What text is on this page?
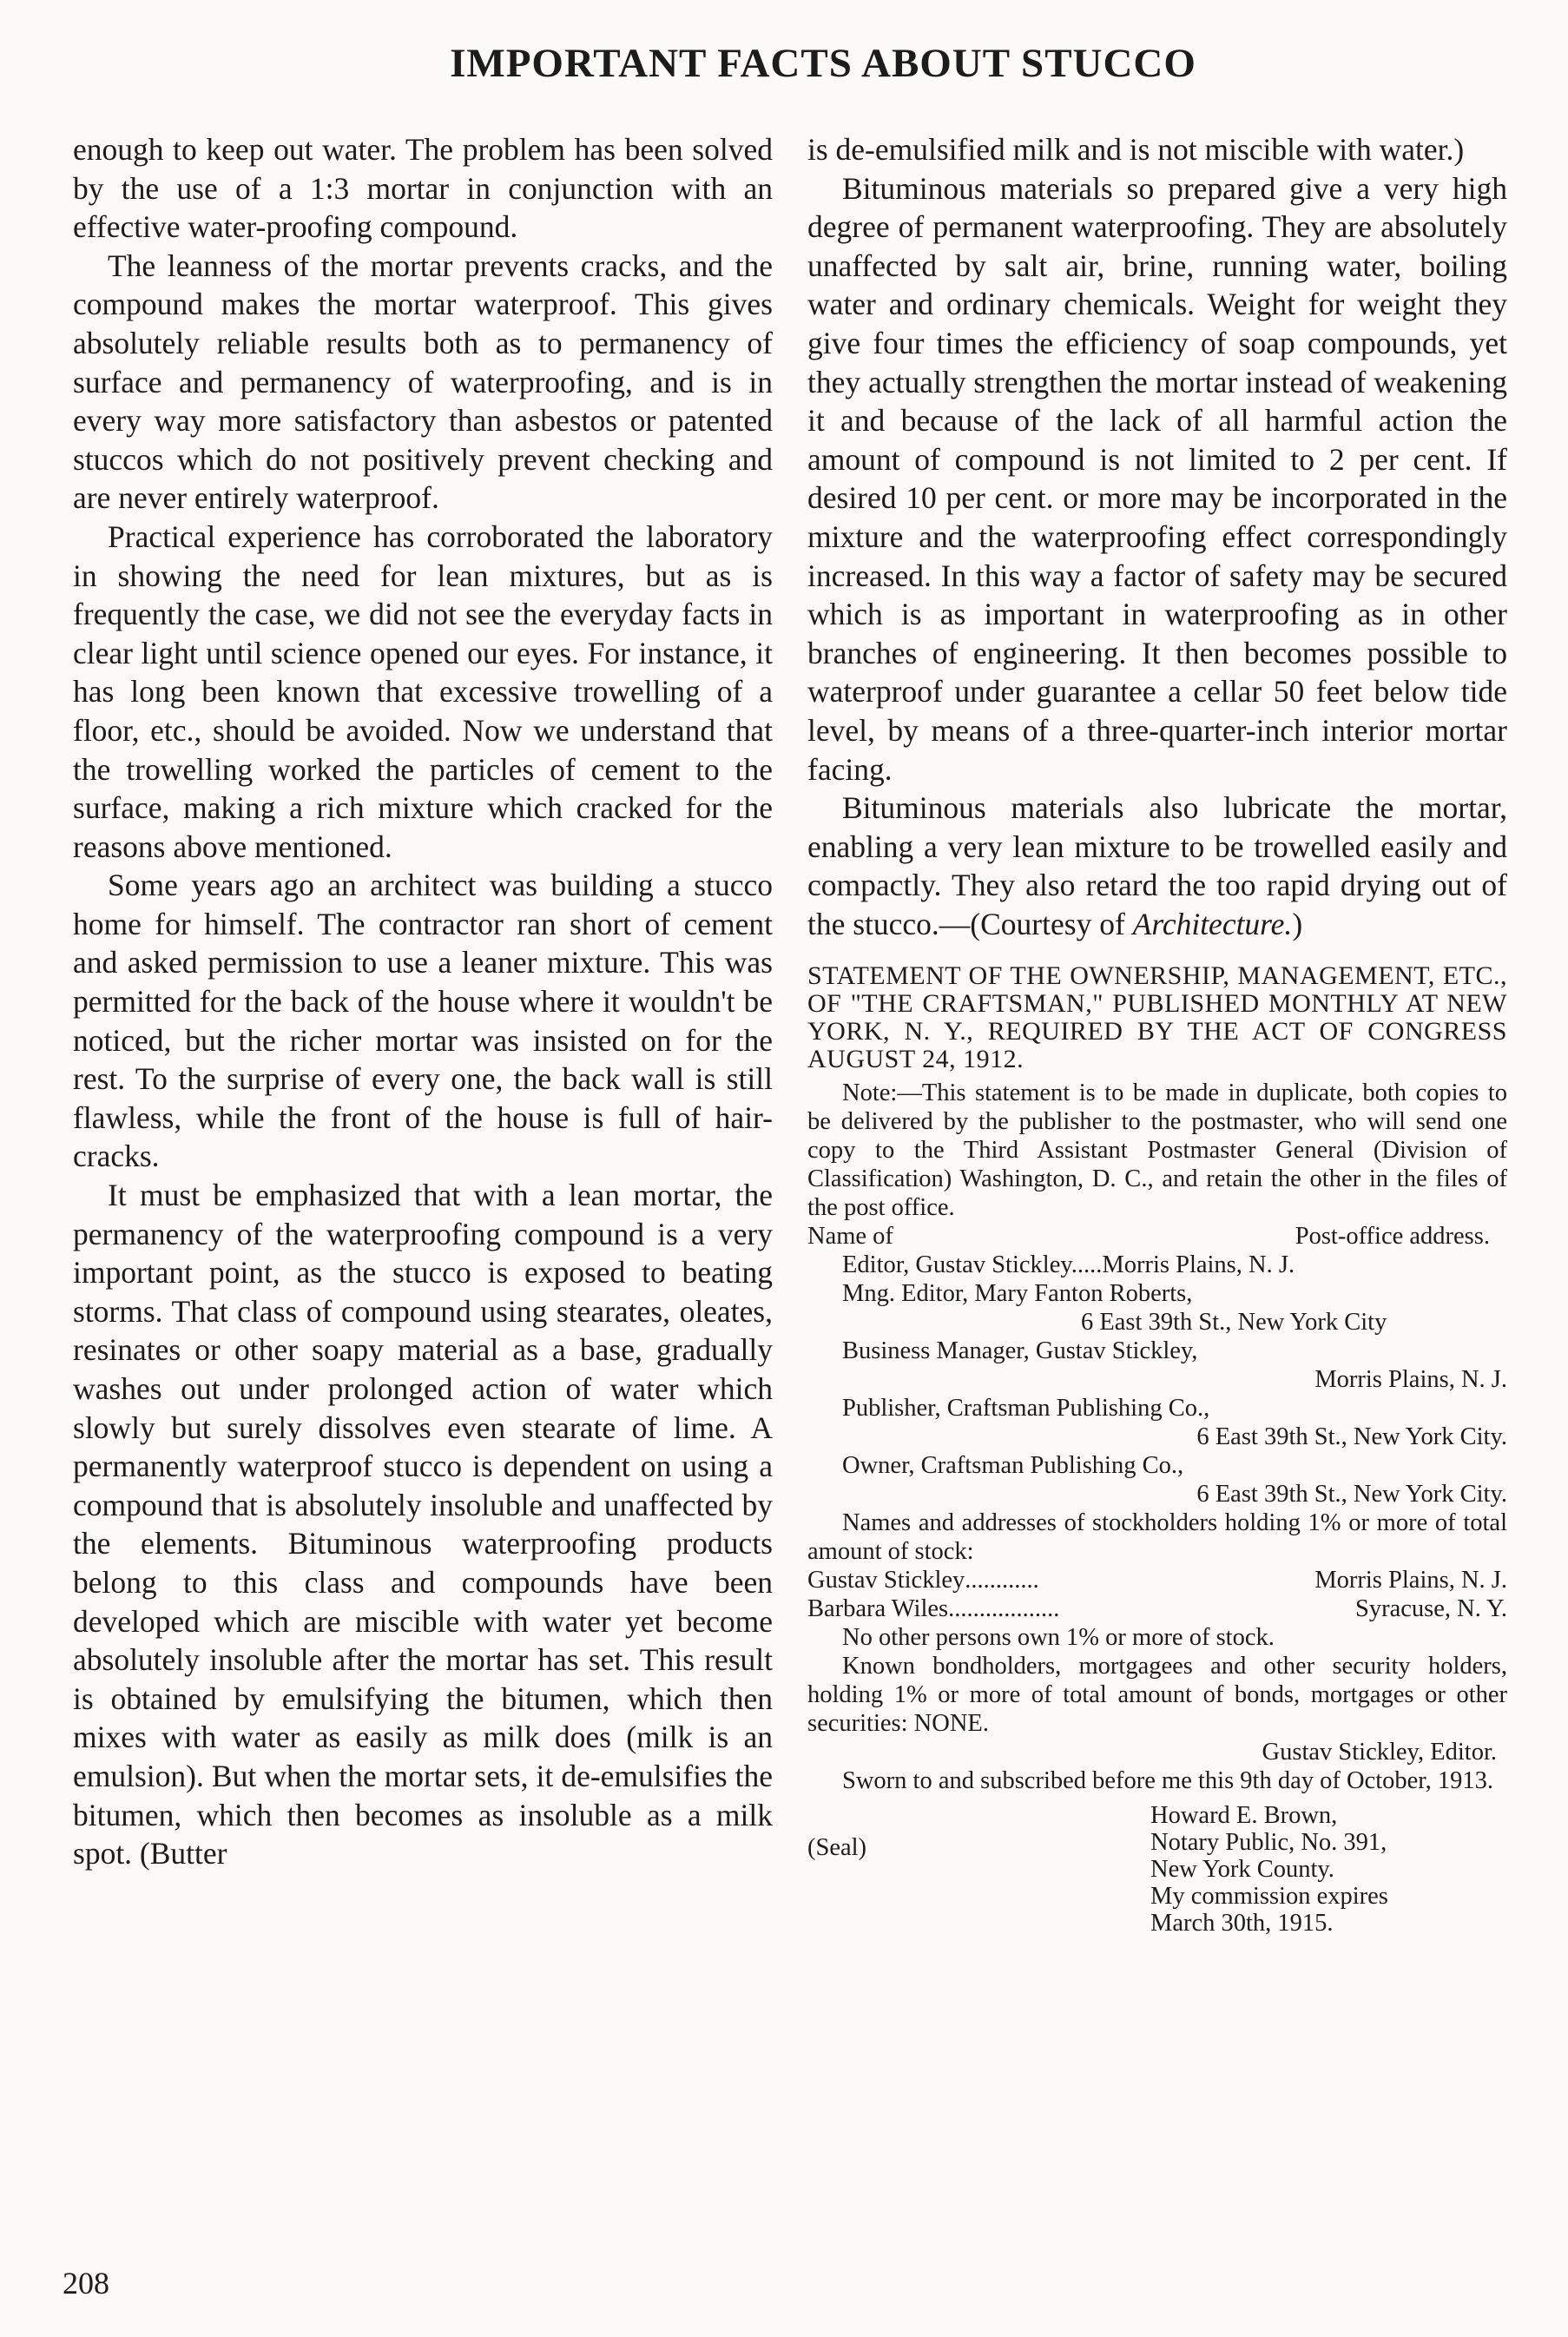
IMPORTANT FACTS ABOUT STUCCO

enough to keep out water. The problem has been solved by the use of a 1:3 mortar in conjunction with an effective water-proofing compound.

The leanness of the mortar prevents cracks, and the compound makes the mortar waterproof. This gives absolutely reliable results both as to permanency of surface and permanency of waterproofing, and is in every way more satisfactory than asbestos or patented stuccos which do not positively prevent checking and are never entirely waterproof.

Practical experience has corroborated the laboratory in showing the need for lean mixtures, but as is frequently the case, we did not see the everyday facts in clear light until science opened our eyes. For instance, it has long been known that excessive trowelling of a floor, etc., should be avoided. Now we understand that the trowelling worked the particles of cement to the surface, making a rich mixture which cracked for the reasons above mentioned.

Some years ago an architect was building a stucco home for himself. The contractor ran short of cement and asked permission to use a leaner mixture. This was permitted for the back of the house where it wouldn't be noticed, but the richer mortar was insisted on for the rest. To the surprise of every one, the back wall is still flawless, while the front of the house is full of hair-cracks.

It must be emphasized that with a lean mortar, the permanency of the waterproofing compound is a very important point, as the stucco is exposed to beating storms. That class of compound using stearates, oleates, resinates or other soapy material as a base, gradually washes out under prolonged action of water which slowly but surely dissolves even stearate of lime. A permanently waterproof stucco is dependent on using a compound that is absolutely insoluble and unaffected by the elements. Bituminous waterproofing products belong to this class and compounds have been developed which are miscible with water yet become absolutely insoluble after the mortar has set. This result is obtained by emulsifying the bitumen, which then mixes with water as easily as milk does (milk is an emulsion). But when the mortar sets, it de-emulsifies the bitumen, which then becomes as insoluble as a milk spot. (Butter

is de-emulsified milk and is not miscible with water.)

Bituminous materials so prepared give a very high degree of permanent waterproofing. They are absolutely unaffected by salt air, brine, running water, boiling water and ordinary chemicals. Weight for weight they give four times the efficiency of soap compounds, yet they actually strengthen the mortar instead of weakening it and because of the lack of all harmful action the amount of compound is not limited to 2 per cent. If desired 10 per cent. or more may be incorporated in the mixture and the waterproofing effect correspondingly increased. In this way a factor of safety may be secured which is as important in waterproofing as in other branches of engineering. It then becomes possible to waterproof under guarantee a cellar 50 feet below tide level, by means of a three-quarter-inch interior mortar facing.

Bituminous materials also lubricate the mortar, enabling a very lean mixture to be trowelled easily and compactly. They also retard the too rapid drying out of the stucco.—(Courtesy of Architecture.)

STATEMENT OF THE OWNERSHIP, MANAGEMENT, ETC., OF "THE CRAFTSMAN," PUBLISHED MONTHLY AT NEW YORK, N. Y., REQUIRED BY THE ACT OF CONGRESS AUGUST 24, 1912.

Note:—This statement is to be made in duplicate, both copies to be delivered by the publisher to the postmaster, who will send one copy to the Third Assistant Postmaster General (Division of Classification) Washington, D. C., and retain the other in the files of the post office.

Name of	Post-office address.

Editor, Gustav Stickley.....Morris Plains, N. J.

Mng. Editor, Mary Fanton Roberts,

6 East 39th St., New York City

Business Manager, Gustav Stickley,

Morris Plains, N. J.

Publisher, Craftsman Publishing Co.,

6 East 39th St., New York City.

Owner, Craftsman Publishing Co.,

6 East 39th St., New York City.

Names and addresses of stockholders holding 1% or more of total amount of stock:

Gustav Stickley ............	Morris Plains, N. J.
Barbara Wiles ..................	Syracuse, N. Y.

No other persons own 1% or more of stock.

Known bondholders, mortgagees and other security holders, holding 1% or more of total amount of bonds, mortgages or other securities: NONE.

Gustav Stickley, Editor.

Sworn to and subscribed before me this 9th day of October, 1913.

(Seal)
Howard E. Brown,
Notary Public, No. 391,
New York County.
My commission expires
March 30th, 1915.
208
